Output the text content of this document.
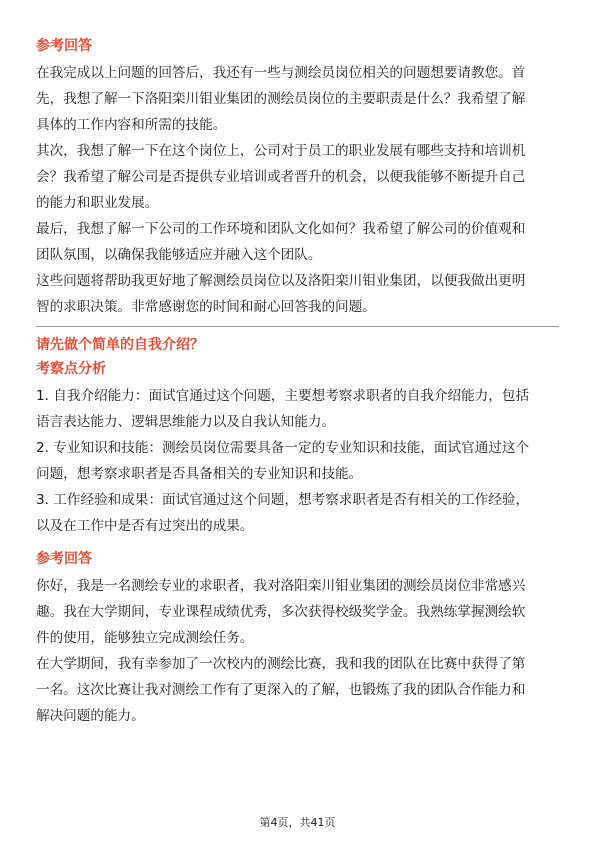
参考回答
在我完成以上问题的回答后，我还有一些与测绘员岗位相关的问题想要请教您。首
先，我想了解一下洛阳栾川钼业集团的测绘员岗位的主要职责是什么？我希望了解
具体的工作内容和所需的技能。
其次，我想了解一下在这个岗位上，公司对于员工的职业发展有哪些支持和培训机
会？我希望了解公司是否提供专业培训或者晋升的机会，以便我能够不断提升自己
的能力和职业发展。
最后，我想了解一下公司的工作环境和团队文化如何？我希望了解公司的价值观和
团队氛围，以确保我能够适应并融入这个团队。
这些问题将帮助我更好地了解测绘员岗位以及洛阳栾川钼业集团，以便我做出更明
智的求职决策。非常感谢您的时间和耐心回答我的问题。
请先做个简单的自我介绍？
考察点分析
1. 自我介绍能力：面试官通过这个问题，主要想考察求职者的自我介绍能力，包括
语言表达能力、逻辑思维能力以及自我认知能力。
2. 专业知识和技能：测绘员岗位需要具备一定的专业知识和技能，面试官通过这个
问题，想考察求职者是否具备相关的专业知识和技能。
3. 工作经验和成果：面试官通过这个问题，想考察求职者是否有相关的工作经验，
以及在工作中是否有过突出的成果。
参考回答
你好，我是一名测绘专业的求职者，我对洛阳栾川钼业集团的测绘员岗位非常感兴
趣。我在大学期间，专业课程成绩优秀，多次获得校级奖学金。我熟练掌握测绘软
件的使用，能够独立完成测绘任务。
在大学期间，我有幸参加了一次校内的测绘比赛，我和我的团队在比赛中获得了第
一名。这次比赛让我对测绘工作有了更深入的了解，也锻炼了我的团队合作能力和
解决问题的能力。
第4页，共41页
